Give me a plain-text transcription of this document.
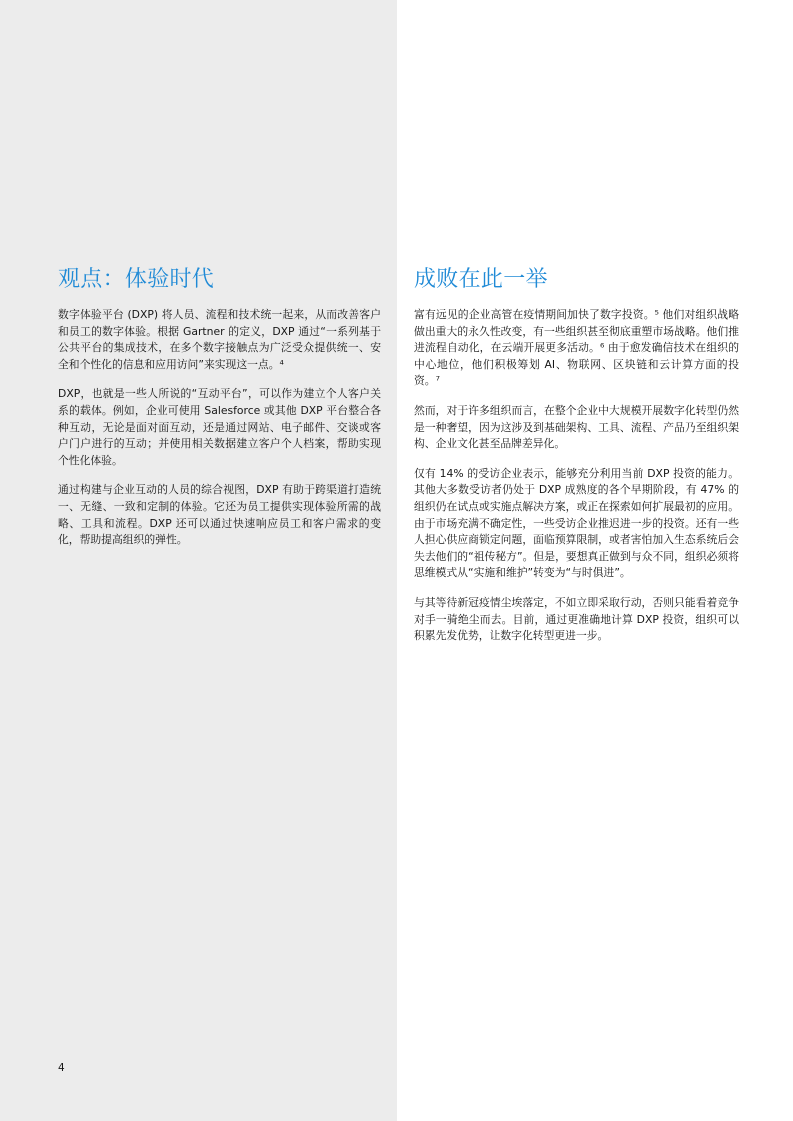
观点：体验时代

数字体验平台 (DXP) 将人员、流程和技术统一起来，从而改善客户和员工的数字体验。根据 Gartner 的定义，DXP 通过“一系列基于公共平台的集成技术，在多个数字接触点为广泛受众提供统一、安全和个性化的信息和应用访问”来实现这一点。⁴

DXP，也就是一些人所说的“互动平台”，可以作为建立个人客户关系的载体。例如，企业可使用 Salesforce 或其他 DXP 平台整合各种互动，无论是面对面互动，还是通过网站、电子邮件、交谈或客户门户进行的互动；并使用相关数据建立客户个人档案，帮助实现个性化体验。

通过构建与企业互动的人员的综合视图，DXP 有助于跨渠道打造统一、无缝、一致和定制的体验。它还为员工提供实现体验所需的战略、工具和流程。DXP 还可以通过快速响应员工和客户需求的变化，帮助提高组织的弹性。

成败在此一举

富有远见的企业高管在疫情期间加快了数字投资。⁵ 他们对组织战略做出重大的永久性改变，有一些组织甚至彻底重塑市场战略。他们推进流程自动化，在云端开展更多活动。⁶ 由于愈发确信技术在组织的中心地位，他们积极筹划 AI、物联网、区块链和云计算方面的投资。⁷

然而，对于许多组织而言，在整个企业中大规模开展数字化转型仍然是一种奢望，因为这涉及到基础架构、工具、流程、产品乃至组织架构、企业文化甚至品牌差异化。

仅有 14% 的受访企业表示，能够充分利用当前 DXP 投资的能力。其他大多数受访者仍处于 DXP 成熟度的各个早期阶段，有 47% 的组织仍在试点或实施点解决方案，或正在探索如何扩展最初的应用。由于市场充满不确定性，一些受访企业推迟进一步的投资。还有一些人担心供应商锁定问题，面临预算限制，或者害怕加入生态系统后会失去他们的“祖传秘方”。但是，要想真正做到与众不同，组织必须将思维模式从“实施和维护”转变为“与时俱进”。

与其等待新冠疫情尘埃落定，不如立即采取行动，否则只能看着竞争对手一骑绝尘而去。目前，通过更准确地计算 DXP 投资，组织可以积累先发优势，让数字化转型更进一步。

4
